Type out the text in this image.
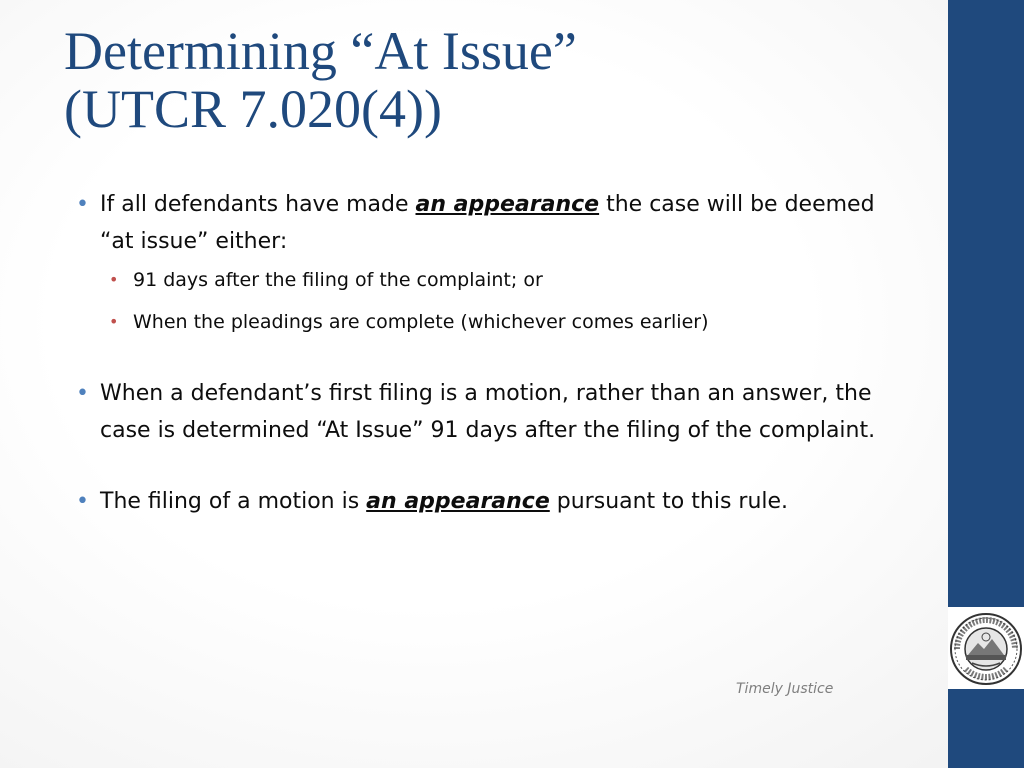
Determining “At Issue”
(UTCR 7.020(4))
• If all defendants have made an appearance the case will be deemed “at issue” either:
• 91 days after the filing of the complaint; or
• When the pleadings are complete (whichever comes earlier)
• When a defendant’s first filing is a motion, rather than an answer, the case is determined “At Issue” 91 days after the filing of the complaint.
• The filing of a motion is an appearance pursuant to this rule.
Timely Justice
